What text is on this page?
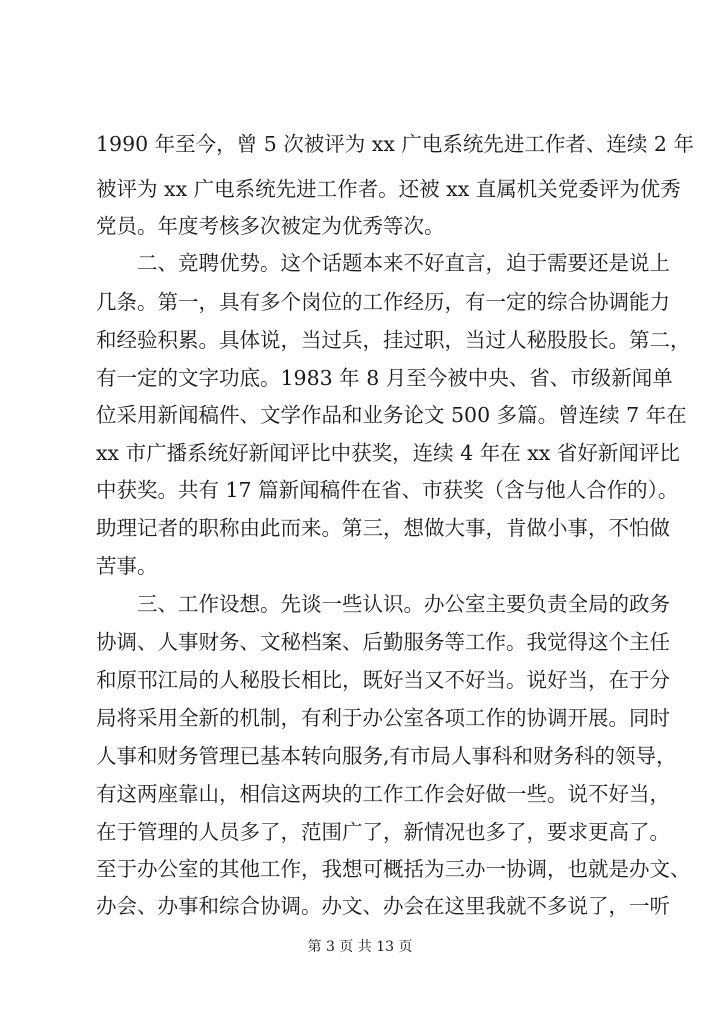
1990 年至今，曾 5 次被评为 xx 广电系统先进工作者、连续 2 年
被评为 xx 广电系统先进工作者。还被 xx 直属机关党委评为优秀
党员。年度考核多次被定为优秀等次。
二、竞聘优势。这个话题本来不好直言，迫于需要还是说上
几条。第一，具有多个岗位的工作经历，有一定的综合协调能力
和经验积累。具体说，当过兵，挂过职，当过人秘股股长。第二，
有一定的文字功底。1983 年 8 月至今被中央、省、市级新闻单
位采用新闻稿件、文学作品和业务论文 500 多篇。曾连续 7 年在
xx 市广播系统好新闻评比中获奖，连续 4 年在 xx 省好新闻评比
中获奖。共有 17 篇新闻稿件在省、市获奖（含与他人合作的）。
助理记者的职称由此而来。第三，想做大事，肯做小事，不怕做
苦事。
三、工作设想。先谈一些认识。办公室主要负责全局的政务
协调、人事财务、文秘档案、后勤服务等工作。我觉得这个主任
和原邗江局的人秘股长相比，既好当又不好当。说好当，在于分
局将采用全新的机制，有利于办公室各项工作的协调开展。同时
人事和财务管理已基本转向服务,有市局人事科和财务科的领导，
有这两座靠山，相信这两块的工作工作会好做一些。说不好当，
在于管理的人员多了，范围广了，新情况也多了，要求更高了。
至于办公室的其他工作，我想可概括为三办一协调，也就是办文、
办会、办事和综合协调。办文、办会在这里我就不多说了，一听
第 3 页 共 13 页
